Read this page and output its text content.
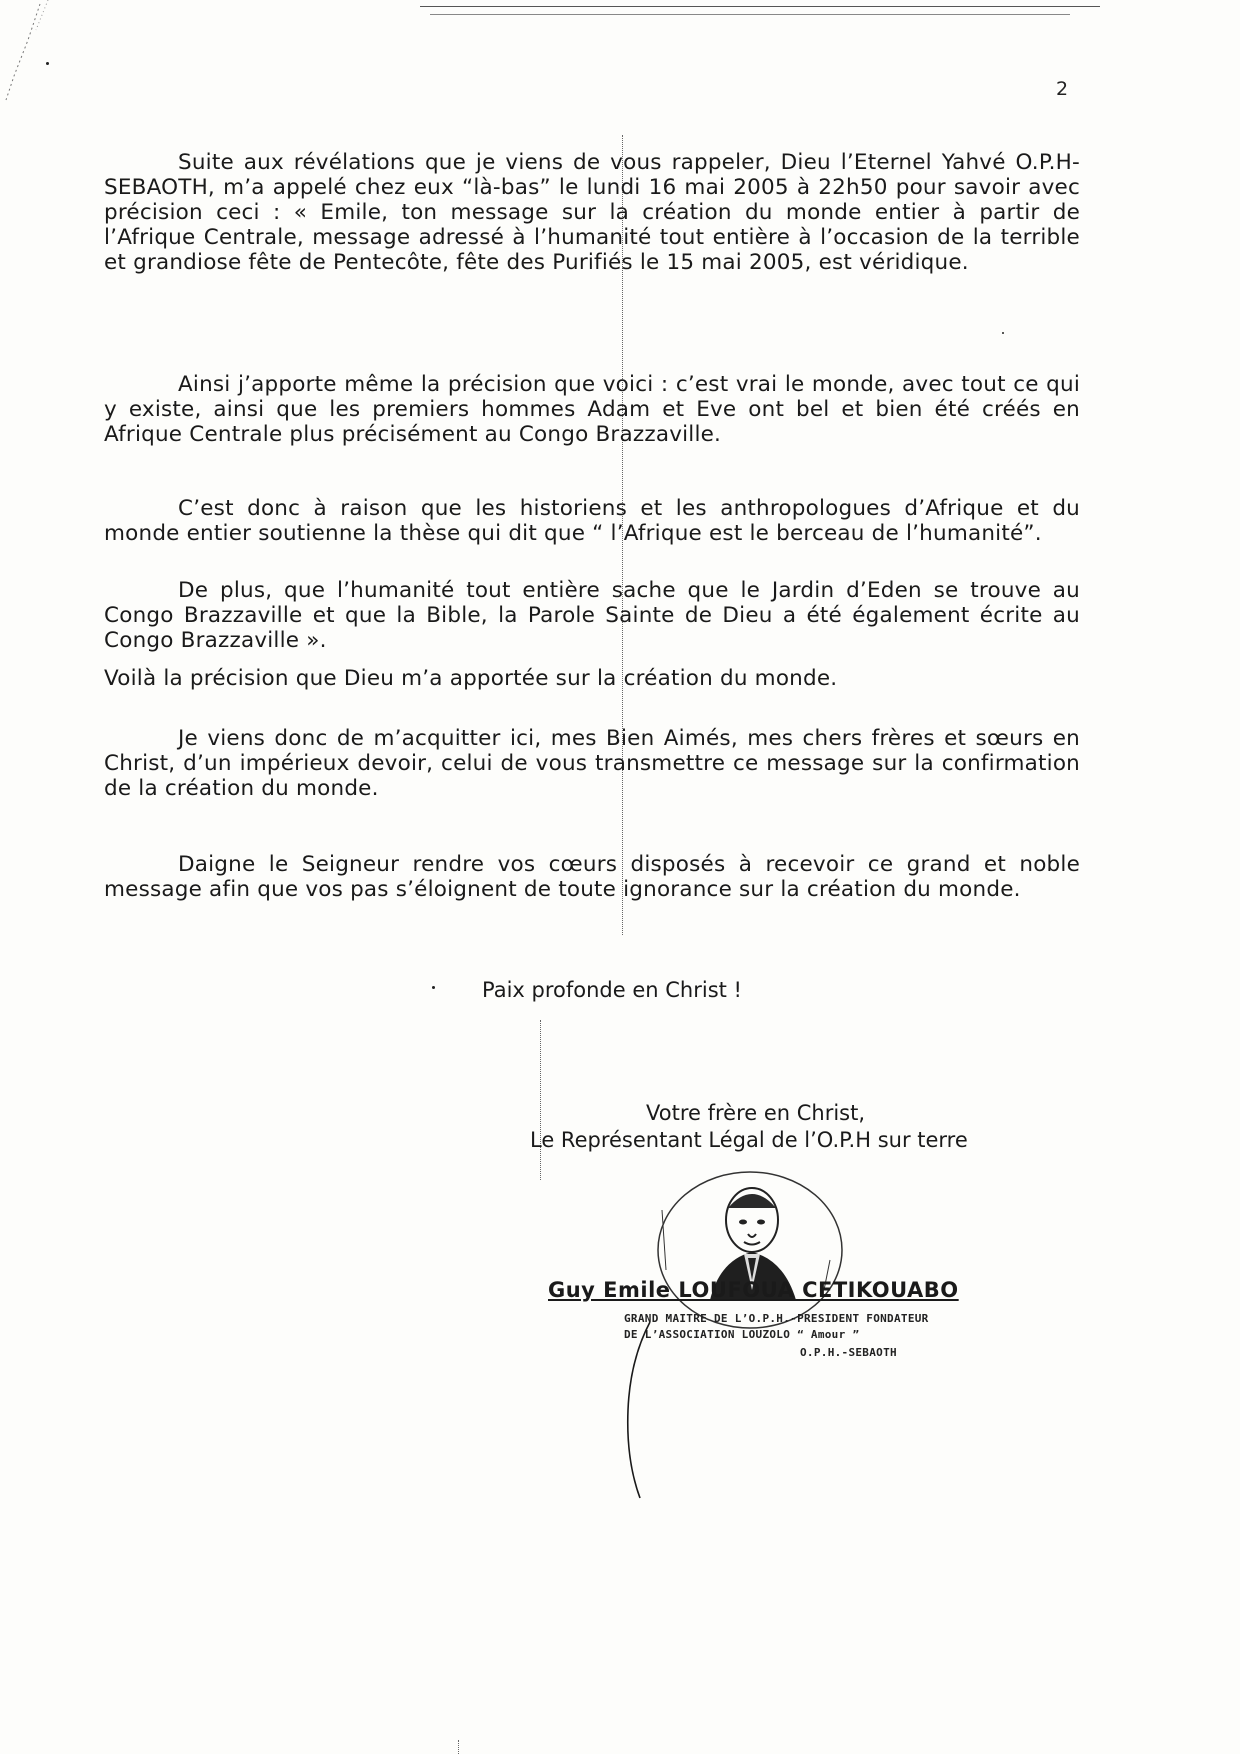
2

Suite aux révélations que je viens de vous rappeler, Dieu l’Eternel Yahvé O.P.H-SEBAOTH, m’a appelé chez eux “là-bas” le lundi 16 mai 2005 à 22h50 pour savoir avec précision ceci : « Emile, ton message sur la création du monde entier à partir de l’Afrique Centrale, message adressé à l’humanité tout entière à l’occasion de la terrible et grandiose fête de Pentecôte, fête des Purifiés le 15 mai 2005, est véridique.

Ainsi j’apporte même la précision que voici : c’est vrai le monde, avec tout ce qui y existe, ainsi que les premiers hommes Adam et Eve ont bel et bien été créés en Afrique Centrale plus précisément au Congo Brazzaville.

C’est donc à raison que les historiens et les anthropologues d’Afrique et du monde entier soutienne la thèse qui dit que “ l’Afrique est le berceau de l’humanité”.

De plus, que l’humanité tout entière sache que le Jardin d’Eden se trouve au Congo Brazzaville et que la Bible, la Parole Sainte de Dieu a été également écrite au Congo Brazzaville ».

Voilà la précision que Dieu m’a apportée sur la création du monde.

Je viens donc de m’acquitter ici, mes Bien Aimés, mes chers frères et sœurs en Christ, d’un impérieux devoir, celui de vous transmettre ce message sur la confirmation de la création du monde.

Daigne le Seigneur rendre vos cœurs disposés à recevoir ce grand et noble message afin que vos pas s’éloignent de toute ignorance sur la création du monde.

Paix profonde en Christ !
Votre frère en Christ,
Le Représentant Légal de l’O.P.H sur terre
Guy Emile LOUFOUA CETIKOUABO
GRAND MAITRE DE L’O.P.H.-PRESIDENT FONDATEUR
DE L’ASSOCIATION LOUZOLO “ Amour ”
O.P.H.-SEBAOTH
